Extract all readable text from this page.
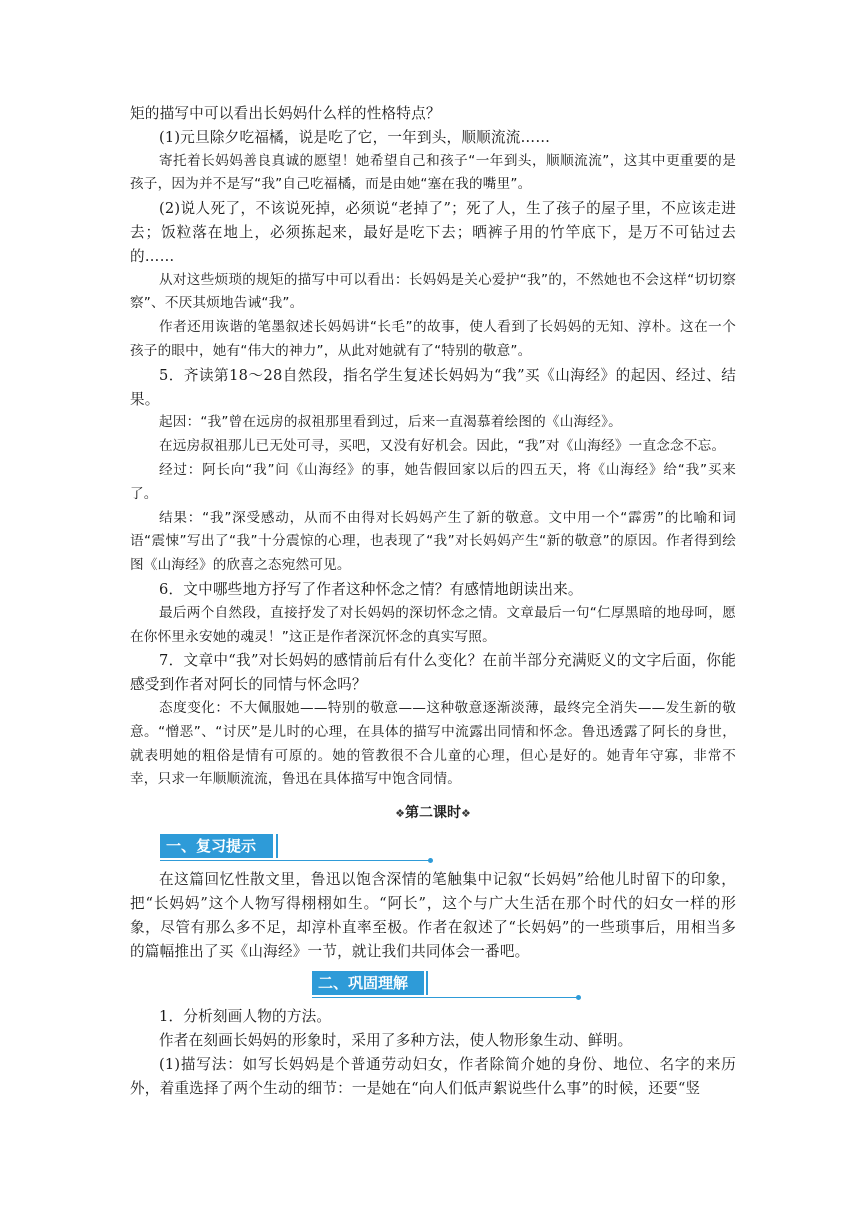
矩的描写中可以看出长妈妈什么样的性格特点？

(1)元旦除夕吃福橘，说是吃了它，一年到头，顺顺流流……

寄托着长妈妈善良真诚的愿望！她希望自己和孩子“一年到头，顺顺流流”，这其中更重要的是孩子，因为并不是写“我”自己吃福橘，而是由她“塞在我的嘴里”。

(2)说人死了，不该说死掉，必须说“老掉了”；死了人，生了孩子的屋子里，不应该走进去；饭粒落在地上，必须拣起来，最好是吃下去；晒裤子用的竹竿底下，是万不可钻过去的……

从对这些烦琐的规矩的描写中可以看出：长妈妈是关心爱护“我”的，不然她也不会这样“切切察察”、不厌其烦地告诫“我”。

作者还用诙谐的笔墨叙述长妈妈讲“长毛”的故事，使人看到了长妈妈的无知、淳朴。这在一个孩子的眼中，她有“伟大的神力”，从此对她就有了“特别的敬意”。

5．齐读第18～28自然段，指名学生复述长妈妈为“我”买《山海经》的起因、经过、结果。

起因：“我”曾在远房的叔祖那里看到过，后来一直渴慕着绘图的《山海经》。

在远房叔祖那儿已无处可寻，买吧，又没有好机会。因此，“我”对《山海经》一直念念不忘。

经过：阿长向“我”问《山海经》的事，她告假回家以后的四五天，将《山海经》给“我”买来了。

结果：“我”深受感动，从而不由得对长妈妈产生了新的敬意。文中用一个“霹雳”的比喻和词语“震悚”写出了“我”十分震惊的心理，也表现了“我”对长妈妈产生“新的敬意”的原因。作者得到绘图《山海经》的欣喜之态宛然可见。

6．文中哪些地方抒写了作者这种怀念之情？有感情地朗读出来。

最后两个自然段，直接抒发了对长妈妈的深切怀念之情。文章最后一句“仁厚黑暗的地母呵，愿在你怀里永安她的魂灵！”这正是作者深沉怀念的真实写照。

7．文章中“我”对长妈妈的感情前后有什么变化？在前半部分充满贬义的文字后面，你能感受到作者对阿长的同情与怀念吗？

态度变化：不大佩服她——特别的敬意——这种敬意逐渐淡薄，最终完全消失——发生新的敬意。“憎恶”、“讨厌”是儿时的心理，在具体的描写中流露出同情和怀念。鲁迅透露了阿长的身世，就表明她的粗俗是情有可原的。她的管教很不合儿童的心理，但心是好的。她青年守寡，非常不幸，只求一年顺顺流流，鲁迅在具体描写中饱含同情。

❖第二课时❖
一、复习提示

在这篇回忆性散文里，鲁迅以饱含深情的笔触集中记叙“长妈妈”给他儿时留下的印象，把“长妈妈”这个人物写得栩栩如生。“阿长”，这个与广大生活在那个时代的妇女一样的形象，尽管有那么多不足，却淳朴直率至极。作者在叙述了“长妈妈”的一些琐事后，用相当多的篇幅推出了买《山海经》一节，就让我们共同体会一番吧。

二、巩固理解

1．分析刻画人物的方法。

作者在刻画长妈妈的形象时，采用了多种方法，使人物形象生动、鲜明。

(1)描写法：如写长妈妈是个普通劳动妇女，作者除简介她的身份、地位、名字的来历外，着重选择了两个生动的细节：一是她在“向人们低声絮说些什么事”的时候，还要“竖
